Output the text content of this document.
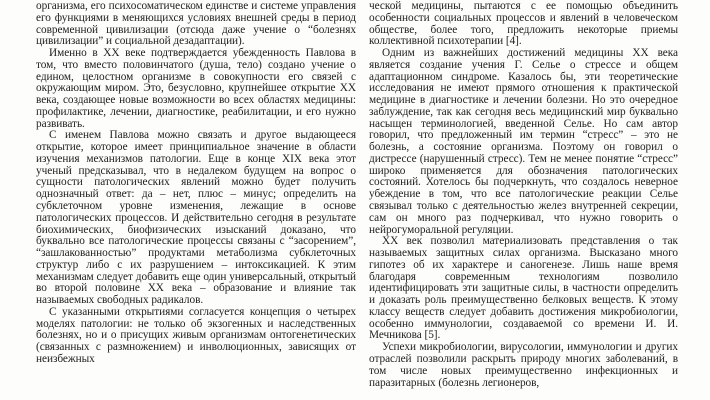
организма, его психосоматическом единстве и системе управления его функциями в меняющихся условиях внешней среды в период современной цивилизации (отсюда даже учение о “болезнях цивилизации” и социальной дезадаптации).

Именно в XX веке подтверждается убежденность Павлова в том, что вместо половинчатого (душа, тело) создано учение о едином, целостном организме в совокупности его связей с окружающим миром. Это, безусловно, крупнейшее открытие XX века, создающее новые возможности во всех областях медицины: профилактике, лечении, диагностике, реабилитации, и его нужно развивать.

С именем Павлова можно связать и другое выдающееся открытие, которое имеет принципиальное значение в области изучения механизмов патологии. Еще в конце XIX века этот ученый предсказывал, что в недалеком будущем на вопрос о сущности патологических явлений можно будет получить однозначный ответ: да – нет, плюс – минус; определить на субклеточном уровне изменения, лежащие в основе патологических процессов. И действительно сегодня в результате биохимических, биофизических изысканий доказано, что буквально все патологические процессы связаны с “засорением”, “зашлакованностью” продуктами метаболизма субклеточных структур либо с их разрушением – интоксикацией. К этим механизмам следует добавить еще один универсальный, открытый во второй половине XX века – образование и влияние так называемых свободных радикалов.

С указанными открытиями согласуется концепция о четырех моделях патологии: не только об экзогенных и наследственных болезнях, но и о присущих живым организмам онтогенетических (связанных с размножением) и инволюционных, зависящих от неизбежных

ческой медицины, пытаются с ее помощью объединить особенности социальных процессов и явлений в человеческом обществе, более того, предложить некоторые приемы коллективной психотерапии [4].

Одним из важнейших достижений медицины XX века является создание учения Г. Селье о стрессе и общем адаптационном синдроме. Казалось бы, эти теоретические исследования не имеют прямого отношения к практической медицине в диагностике и лечении болезни. Но это очередное заблуждение, так как сегодня весь медицинский мир буквально насыщен терминологией, введенной Селье. Но сам автор говорил, что предложенный им термин “стресс” – это не болезнь, а состояние организма. Поэтому он говорил о дистрессе (нарушенный стресс). Тем не менее понятие “стресс” широко применяется для обозначения патологических состояний. Хотелось бы подчеркнуть, что создалось неверное убеждение в том, что все патологические реакции Селье связывал только с деятельностью желез внутренней секреции, сам он много раз подчеркивал, что нужно говорить о нейрогуморальной регуляции.

XX век позволил материализовать представления о так называемых защитных силах организма. Высказано много гипотез об их характере и саногенезе. Лишь наше время благодаря современным технологиям позволило идентифицировать эти защитные силы, в частности определить и доказать роль преимущественно белковых веществ. К этому классу веществ следует добавить достижения микробиологии, особенно иммунологии, создаваемой со времени И. И. Мечникова [5].

Успехи микробиологии, вирусологии, иммунологии и других отраслей позволили раскрыть природу многих заболеваний, в том числе новых преимущественно инфекционных и паразитарных (болезнь легионеров,
